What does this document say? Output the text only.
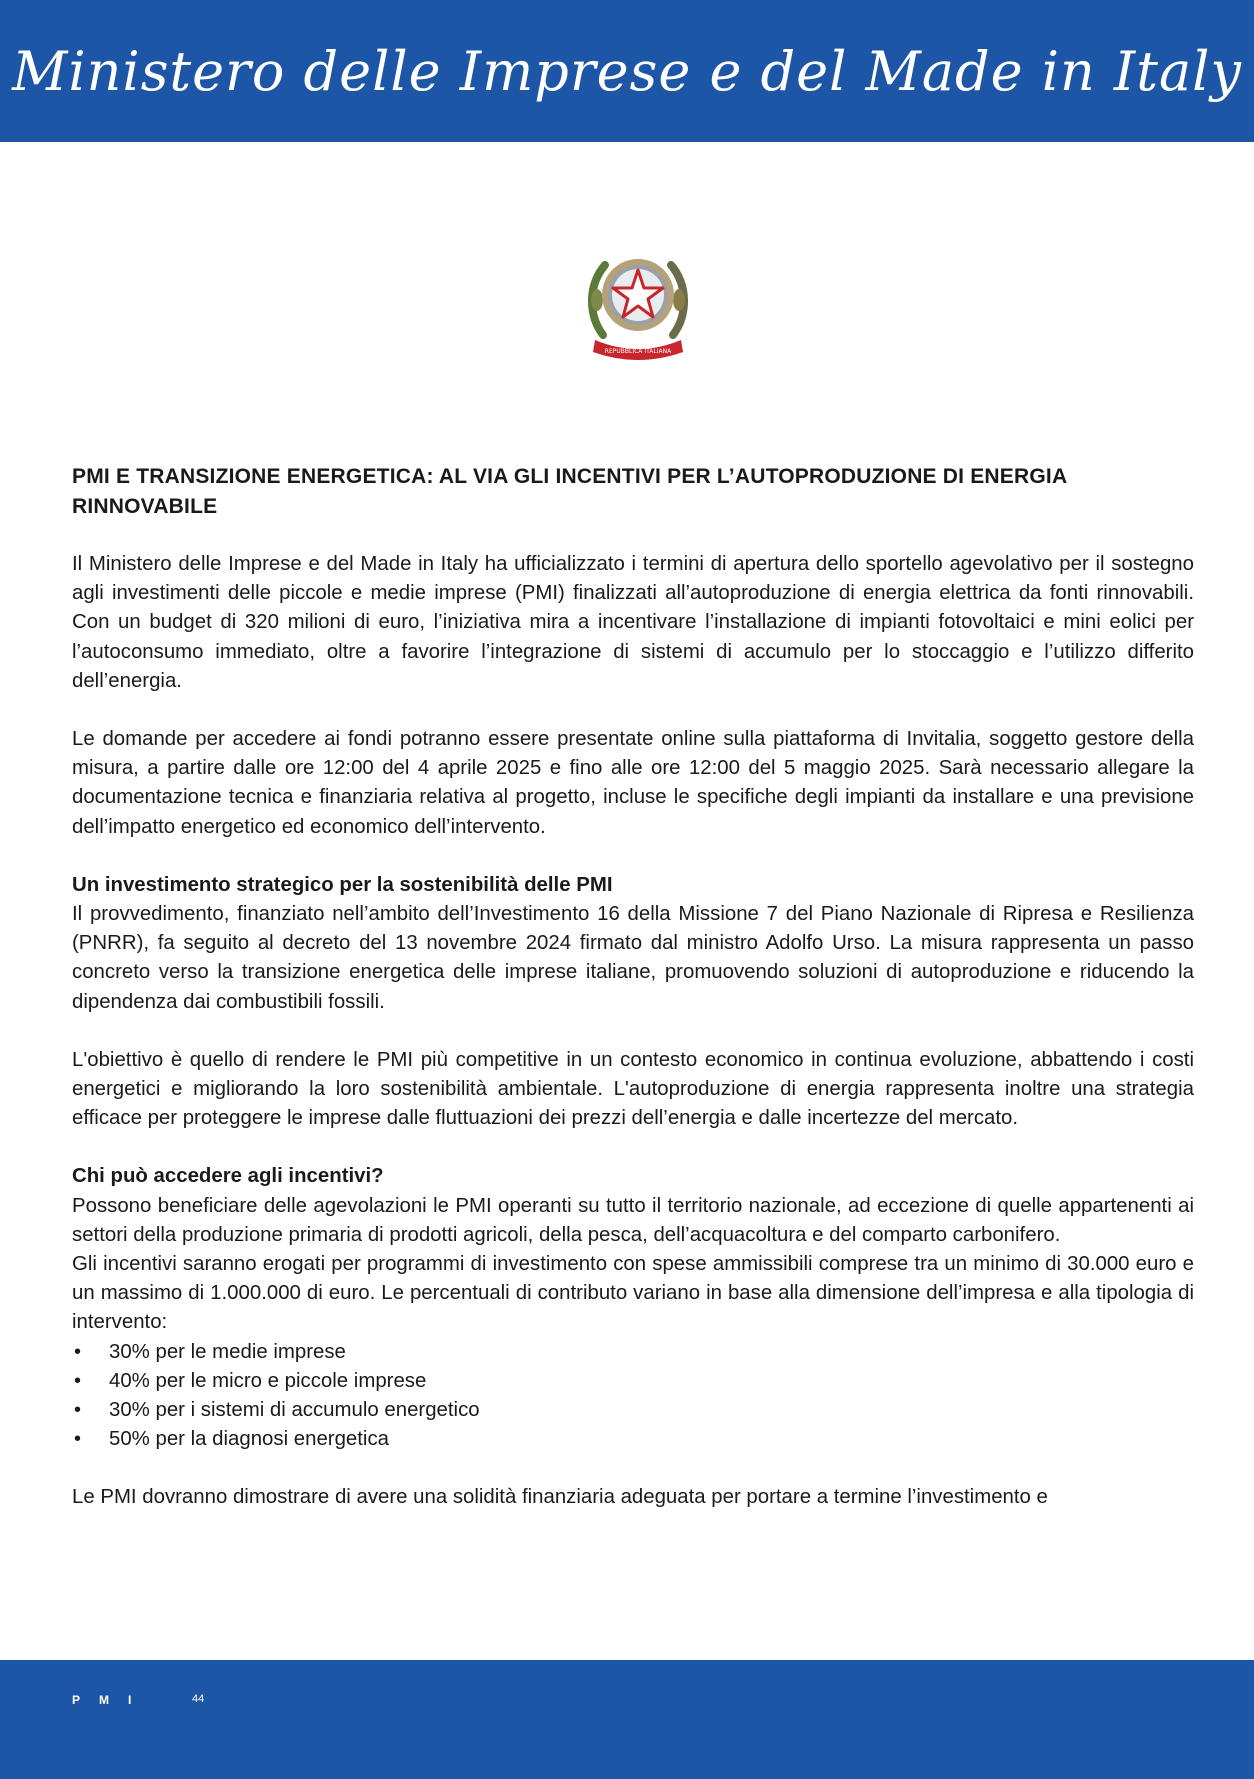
Ministero delle Imprese e del Made in Italy
REPUBBLICA ITALIANA
PMI E TRANSIZIONE ENERGETICA: AL VIA GLI INCENTIVI PER L’AUTOPRODUZIONE DI ENERGIA RINNOVABILE

Il Ministero delle Imprese e del Made in Italy ha ufficializzato i termini di apertura dello sportello agevolativo per il sostegno agli investimenti delle piccole e medie imprese (PMI) finalizzati all’autoproduzione di energia elettrica da fonti rinnovabili. Con un budget di 320 milioni di euro, l’iniziativa mira a incentivare l’installazione di impianti fotovoltaici e mini eolici per l’autoconsumo immediato, oltre a favorire l’integrazione di sistemi di accumulo per lo stoccaggio e l’utilizzo differito dell’energia.

Le domande per accedere ai fondi potranno essere presentate online sulla piattaforma di Invitalia, soggetto gestore della misura, a partire dalle ore 12:00 del 4 aprile 2025 e fino alle ore 12:00 del 5 maggio 2025. Sarà necessario allegare la documentazione tecnica e finanziaria relativa al progetto, incluse le specifiche degli impianti da installare e una previsione dell’impatto energetico ed economico dell’intervento.

Un investimento strategico per la sostenibilità delle PMI

Il provvedimento, finanziato nell’ambito dell’Investimento 16 della Missione 7 del Piano Nazionale di Ripresa e Resilienza (PNRR), fa seguito al decreto del 13 novembre 2024 firmato dal ministro Adolfo Urso. La misura rappresenta un passo concreto verso la transizione energetica delle imprese italiane, promuovendo soluzioni di autoproduzione e riducendo la dipendenza dai combustibili fossili.

L'obiettivo è quello di rendere le PMI più competitive in un contesto economico in continua evoluzione, abbattendo i costi energetici e migliorando la loro sostenibilità ambientale. L'autoproduzione di energia rappresenta inoltre una strategia efficace per proteggere le imprese dalle fluttuazioni dei prezzi dell’energia e dalle incertezze del mercato.

Chi può accedere agli incentivi?

Possono beneficiare delle agevolazioni le PMI operanti su tutto il territorio nazionale, ad eccezione di quelle appartenenti ai settori della produzione primaria di prodotti agricoli, della pesca, dell’acquacoltura e del comparto carbonifero.

Gli incentivi saranno erogati per programmi di investimento con spese ammissibili comprese tra un minimo di 30.000 euro e un massimo di 1.000.000 di euro. Le percentuali di contributo variano in base alla dimensione dell’impresa e alla tipologia di intervento:

• 30% per le medie imprese
• 40% per le micro e piccole imprese
• 30% per i sistemi di accumulo energetico
• 50% per la diagnosi energetica

Le PMI dovranno dimostrare di avere una solidità finanziaria adeguata per portare a termine l’investimento e

PMI	44
